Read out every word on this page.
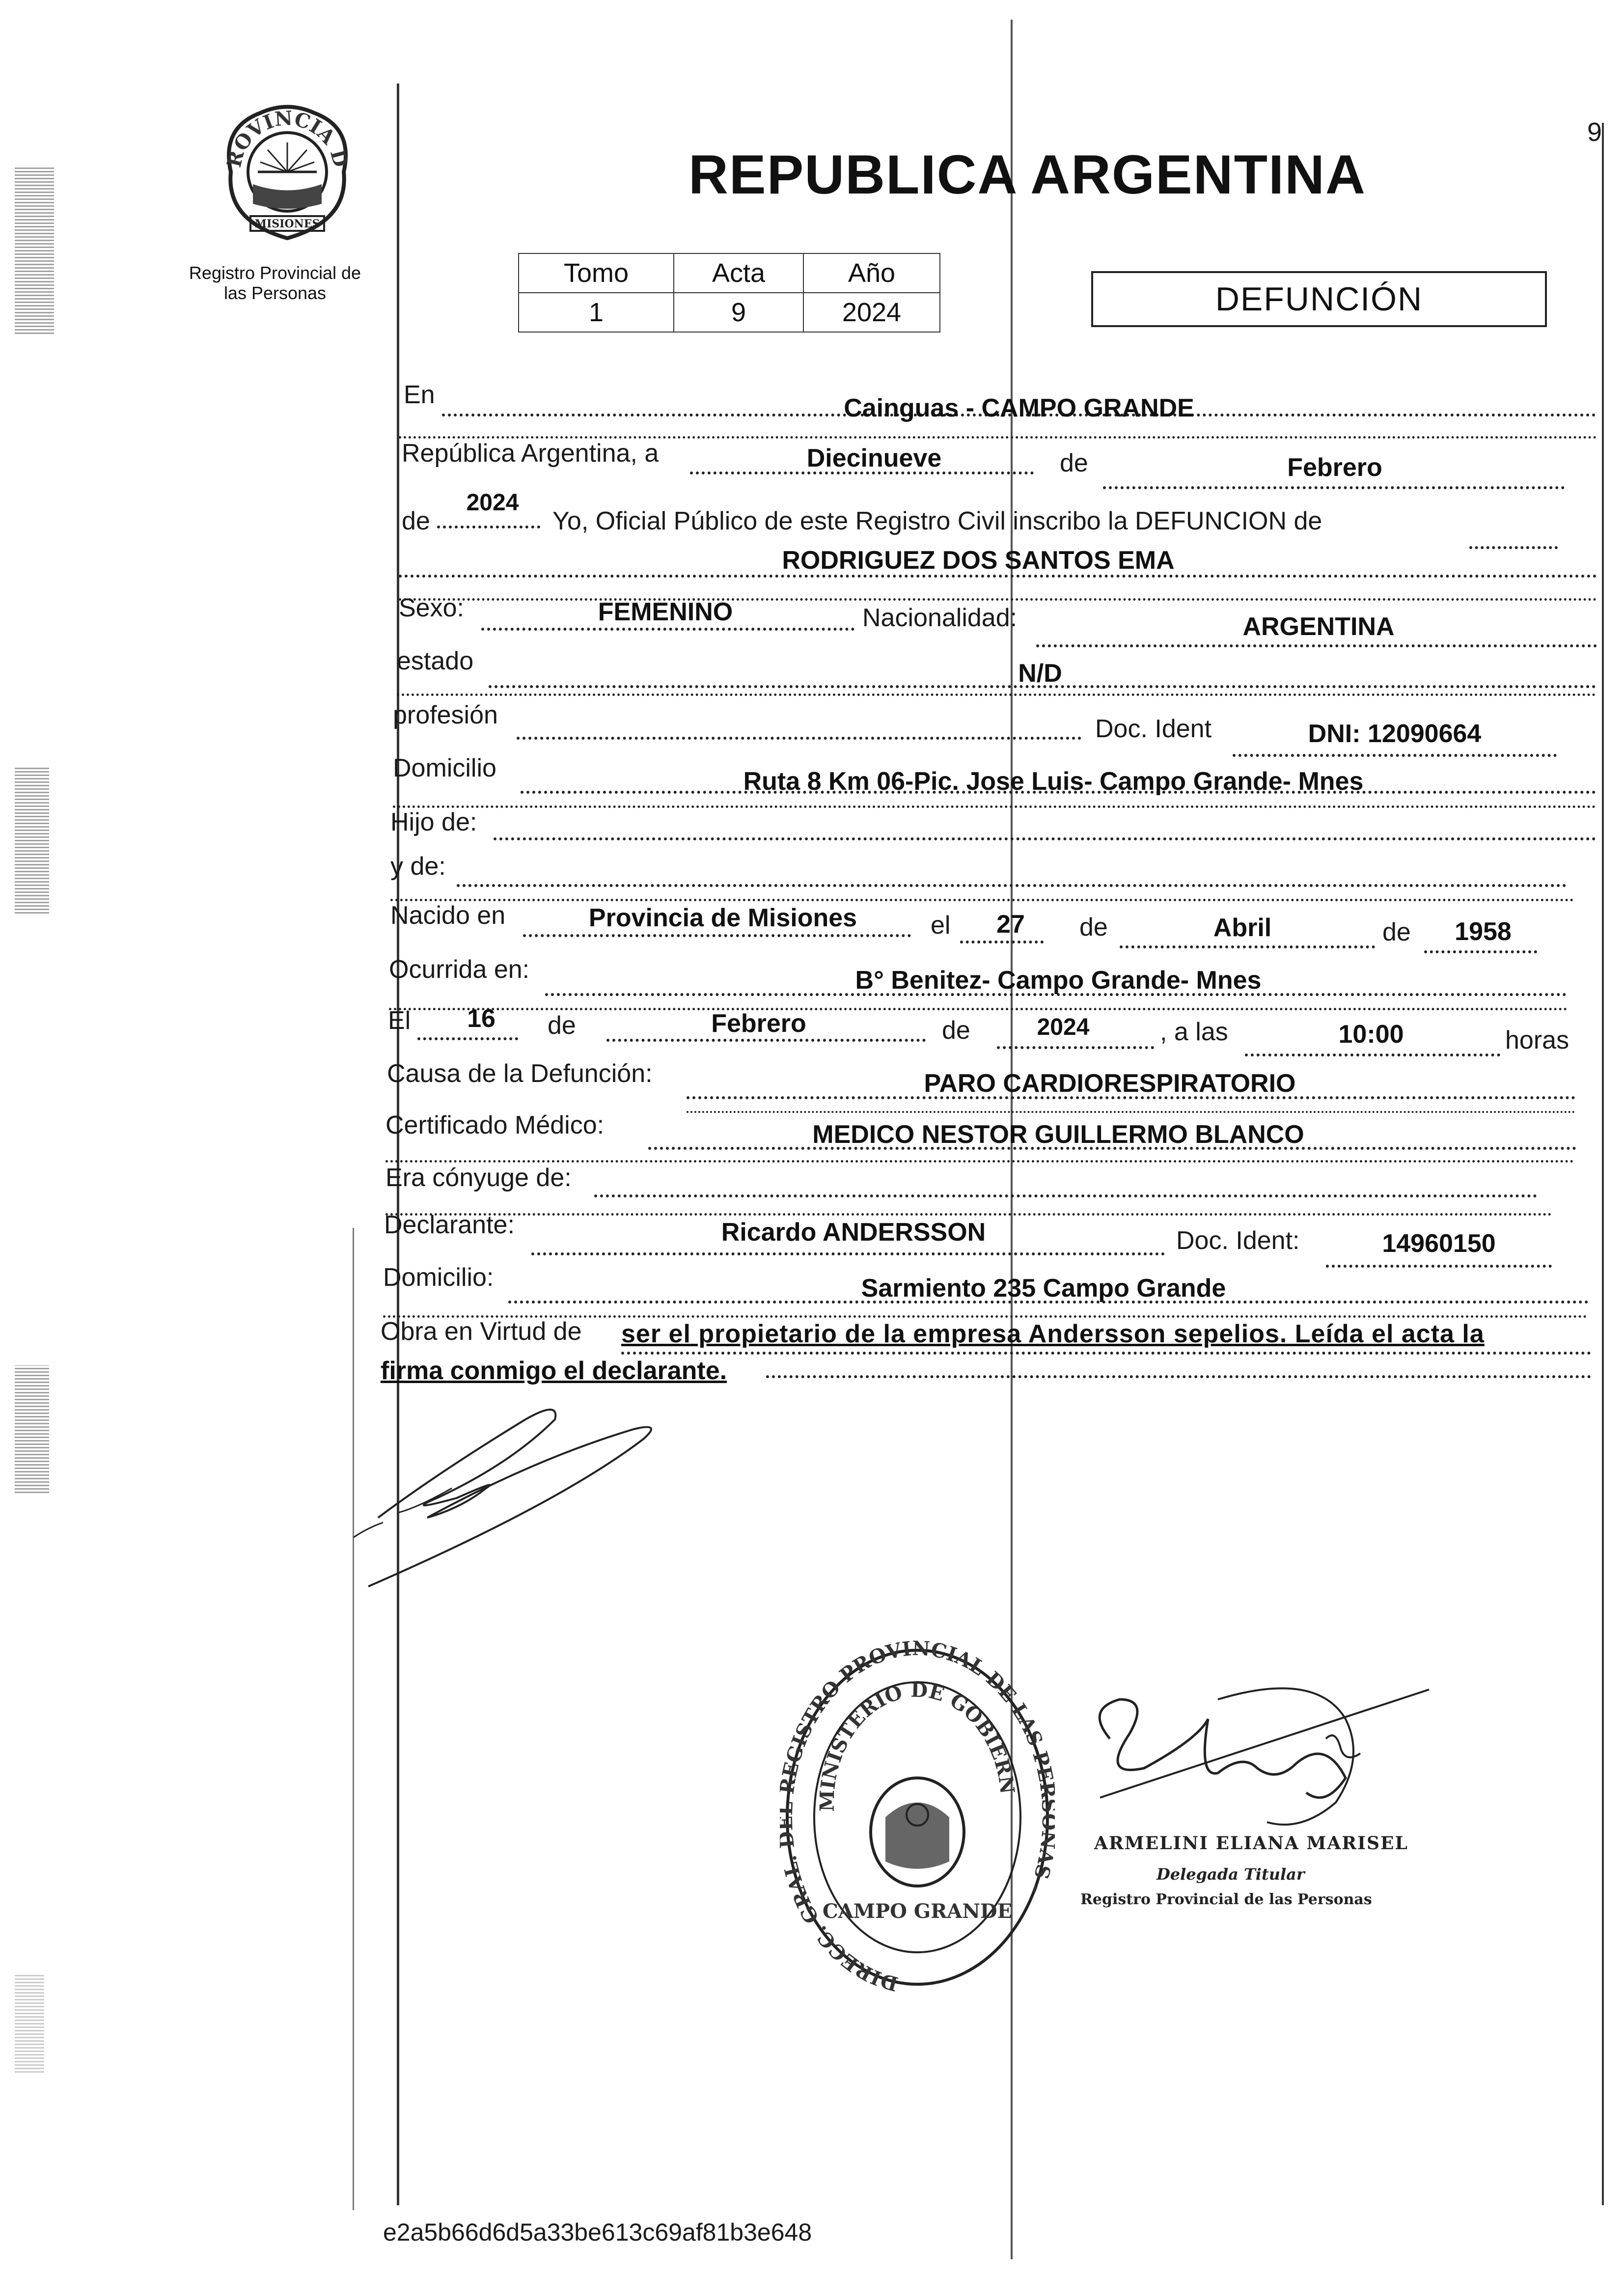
9
ROVINCIA D
MISIONES
Registro Provincial de
las Personas
REPUBLICA ARGENTINA
Tomo	Acta	Año
1	9	2024	DEFUNCIÓN
En	Cainguas - CAMPO GRANDE
República Argentina, a	Diecinueve	de	Febrero
de
2024
Yo, Oficial Público de este Registro Civil inscribo la DEFUNCION de
RODRIGUEZ DOS SANTOS EMA
Sexo:	FEMENINO	Nacionalidad:	ARGENTINA
estado	N/D
profesión	Doc. Ident	DNI: 12090664
Domicilio	Ruta 8 Km 06-Pic. Jose Luis- Campo Grande- Mnes
Hijo de:
y de:
Nacido en	Provincia de Misiones	el 27 de	Abril	de 1958
Ocurrida en:	B° Benitez- Campo Grande- Mnes
El 16 de	Febrero	de	2024	, a las	10:00	horas
Causa de la Defunción:	PARO CARDIORESPIRATORIO
Certificado Médico:	MEDICO NESTOR GUILLERMO BLANCO
Era cónyuge de:
Declarante:	Ricardo ANDERSSON	Doc. Ident:	14960150
Domicilio:	Sarmiento 235 Campo Grande
Obra en Virtud de ser el propietario de la empresa Andersson sepelios. Leída el acta la
firma conmigo el declarante.
DIRECC. GRAL. EGISTRO PROVINCIAL DE LAS P S -
MINISTERIO DE GOBIERN
CAMPO GRANDE
ARMELINI ELIANA MARISEL
Delegada Titular
Registro Provincial de las Personas
e2a5b66d6d5a33be613c69af81b3e648
